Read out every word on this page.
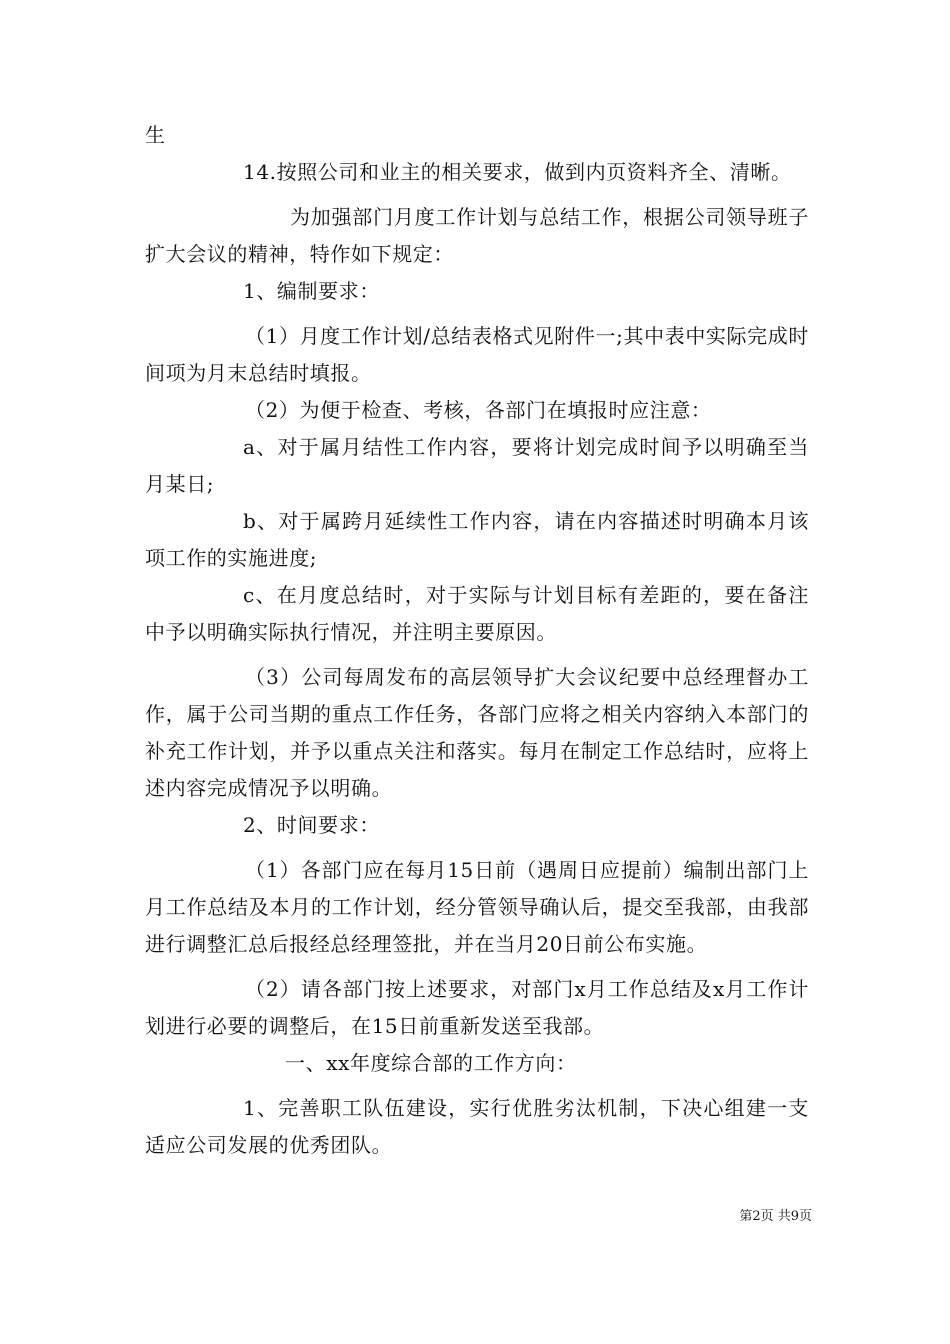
生

14.按照公司和业主的相关要求，做到内页资料齐全、清晰。

为加强部门月度工作计划与总结工作，根据公司领导班子扩大会议的精神，特作如下规定：

1、编制要求：

（1）月度工作计划/总结表格式见附件一;其中表中实际完成时间项为月末总结时填报。

（2）为便于检查、考核，各部门在填报时应注意：

a、对于属月结性工作内容，要将计划完成时间予以明确至当月某日;

b、对于属跨月延续性工作内容，请在内容描述时明确本月该项工作的实施进度;

c、在月度总结时，对于实际与计划目标有差距的，要在备注中予以明确实际执行情况，并注明主要原因。

（3）公司每周发布的高层领导扩大会议纪要中总经理督办工作，属于公司当期的重点工作任务，各部门应将之相关内容纳入本部门的补充工作计划，并予以重点关注和落实。每月在制定工作总结时，应将上述内容完成情况予以明确。

2、时间要求：

（1）各部门应在每月15日前（遇周日应提前）编制出部门上月工作总结及本月的工作计划，经分管领导确认后，提交至我部，由我部进行调整汇总后报经总经理签批，并在当月20日前公布实施。

（2）请各部门按上述要求，对部门x月工作总结及x月工作计划进行必要的调整后，在15日前重新发送至我部。

一、xx年度综合部的工作方向：

1、完善职工队伍建设，实行优胜劣汰机制，下决心组建一支适应公司发展的优秀团队。

第2页 共9页
